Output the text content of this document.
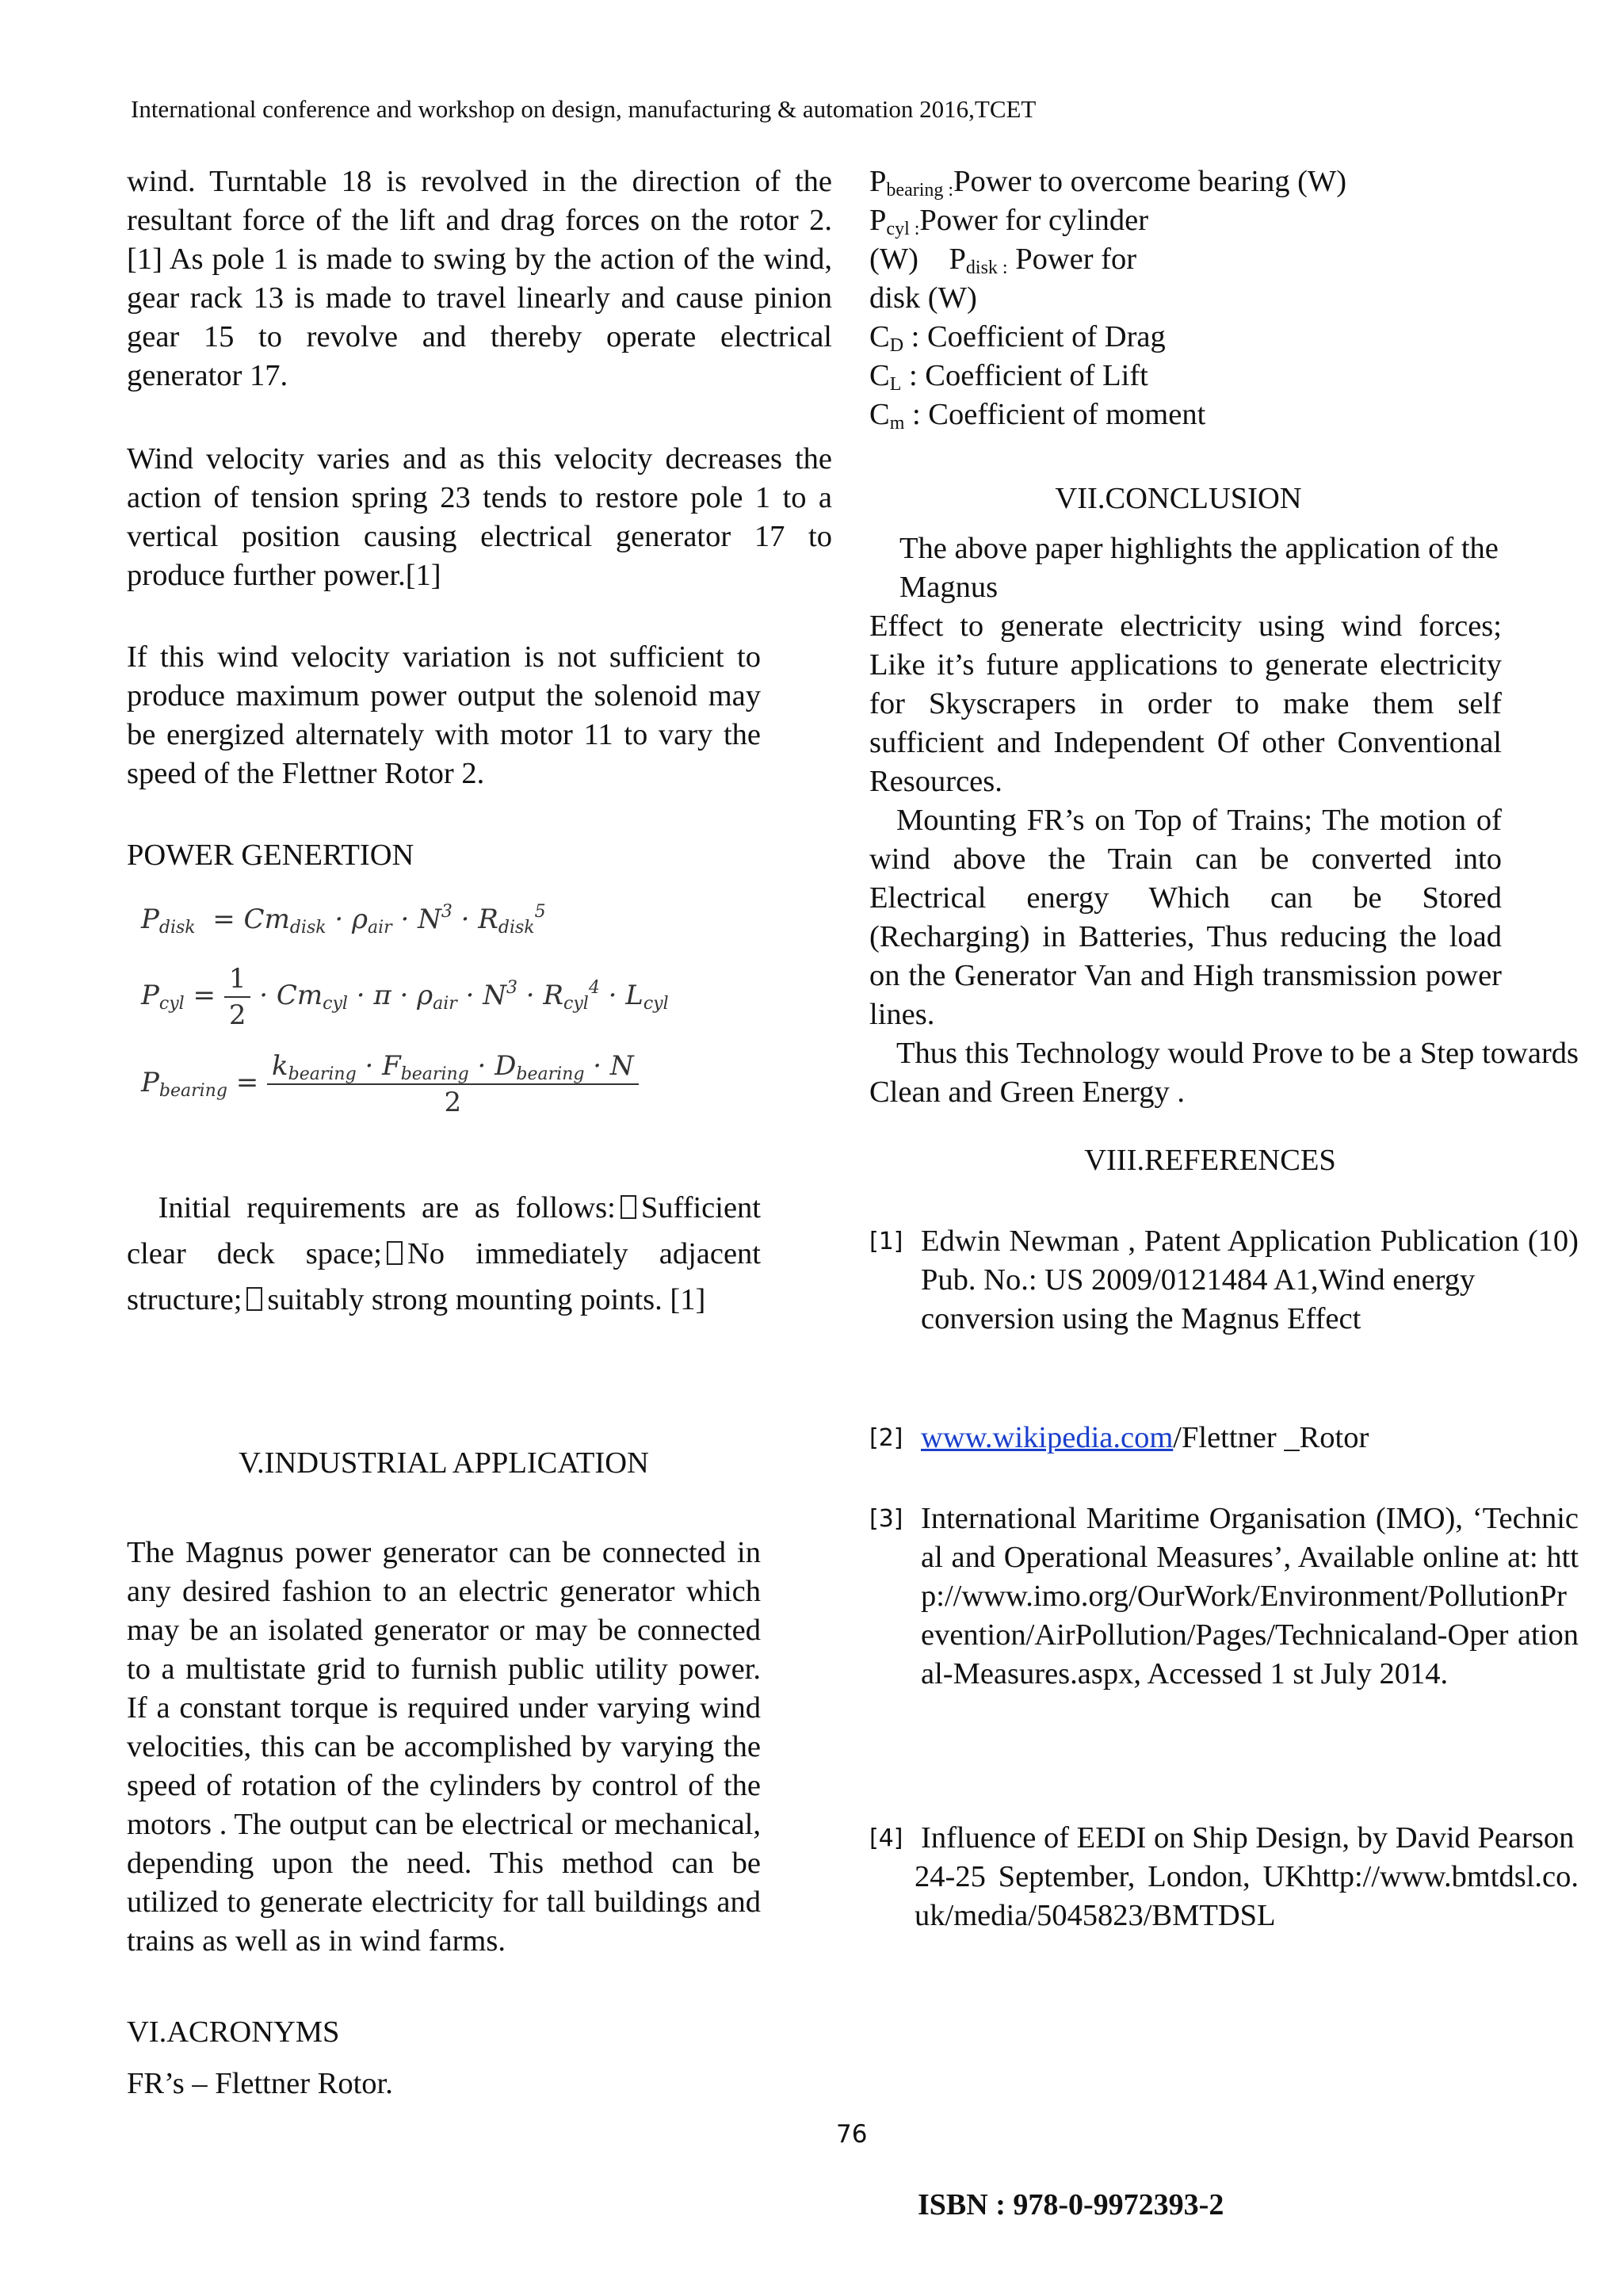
International conference and workshop on design, manufacturing & automation 2016,TCET

wind. Turntable 18 is revolved in the direction of the resultant force of the lift and drag forces on the rotor 2.[1] As pole 1 is made to swing by the action of the wind, gear rack 13 is made to travel linearly and cause pinion gear 15 to revolve and thereby operate electrical generator 17.

Wind velocity varies and as this velocity decreases the action of tension spring 23 tends to restore pole 1 to a vertical position causing electrical generator 17 to produce further power.[1]

If this wind velocity variation is not sufficient to produce maximum power output the solenoid may be energized alternately with motor 11 to vary the speed of the Flettner Rotor 2.

POWER GENERTION
$P_{disk} = Cm_{disk} \cdot \rho_{air} \cdot N^3 \cdot R_{disk}^5$
$P_{cyl} = \frac{1}{2} \cdot Cm_{cyl} \cdot \pi \cdot \rho_{air} \cdot N^3 \cdot R_{cyl}^4 \cdot L_{cyl}$
$P_{bearing} = \frac{k_{bearing} \cdot F_{bearing} \cdot D_{bearing} \cdot N}{2}$

Initial requirements are as follows: Sufficient clear deck space; No immediately adjacent structure; suitably strong mounting points. [1]

V.INDUSTRIAL APPLICATION

The Magnus power generator can be connected in any desired fashion to an electric generator which may be an isolated generator or may be connected to a multistate grid to furnish public utility power. If a constant torque is required under varying wind velocities, this can be accomplished by varying the speed of rotation of the cylinders by control of the motors . The output can be electrical or mechanical, depending upon the need. This method can be utilized to generate electricity for tall buildings and trains as well as in wind farms.

VI.ACRONYMS
FR’s – Flettner Rotor.
$P_{bearing :}Power$ to overcome bearing (W)
$P_{cyl :}Power$ for cylinder
(W) $P_{disk :}$ Power for
disk (W)
$C_D$ : Coefficient of Drag
$C_L$ : Coefficient of Lift
$C_m$ : Coefficient of moment
VII.CONCLUSION

The above paper highlights the application of the

Magnus

Effect to generate electricity using wind forces; Like it’s future applications to generate electricity for Skyscrapers in order to make them self sufficient and Independent Of other Conventional Resources.

Mounting FR’s on Top of Trains; The motion of wind above the Train can be converted into Electrical energy Which can be Stored (Recharging) in Batteries, Thus reducing the load on the Generator Van and High transmission power lines.

Thus this Technology would Prove to be a Step towards Clean and Green Energy .

VIII.REFERENCES
[1] Edwin Newman , Patent Application Publication (10) Pub. No.: US 2009/0121484 A1,Wind energy
conversion using the Magnus Effect
[2] www.wikipedia.com/Flettner _Rotor
[3] International Maritime Organisation (IMO), ‘Technical and Operational Measures’, Available online at: http://www.imo.org/OurWork/Environment/PollutionPrevention/AirPollution/Pages/Technicaland-Oper ational-Measures.aspx, Accessed 1 st July 2014.
[4] Influence of EEDI on Ship Design, by David Pearson
24-25 September, London, UKhttp://www.bmtdsl.co.uk/media/5045823/BMTDSL
76
ISBN : 978-0-9972393-2
